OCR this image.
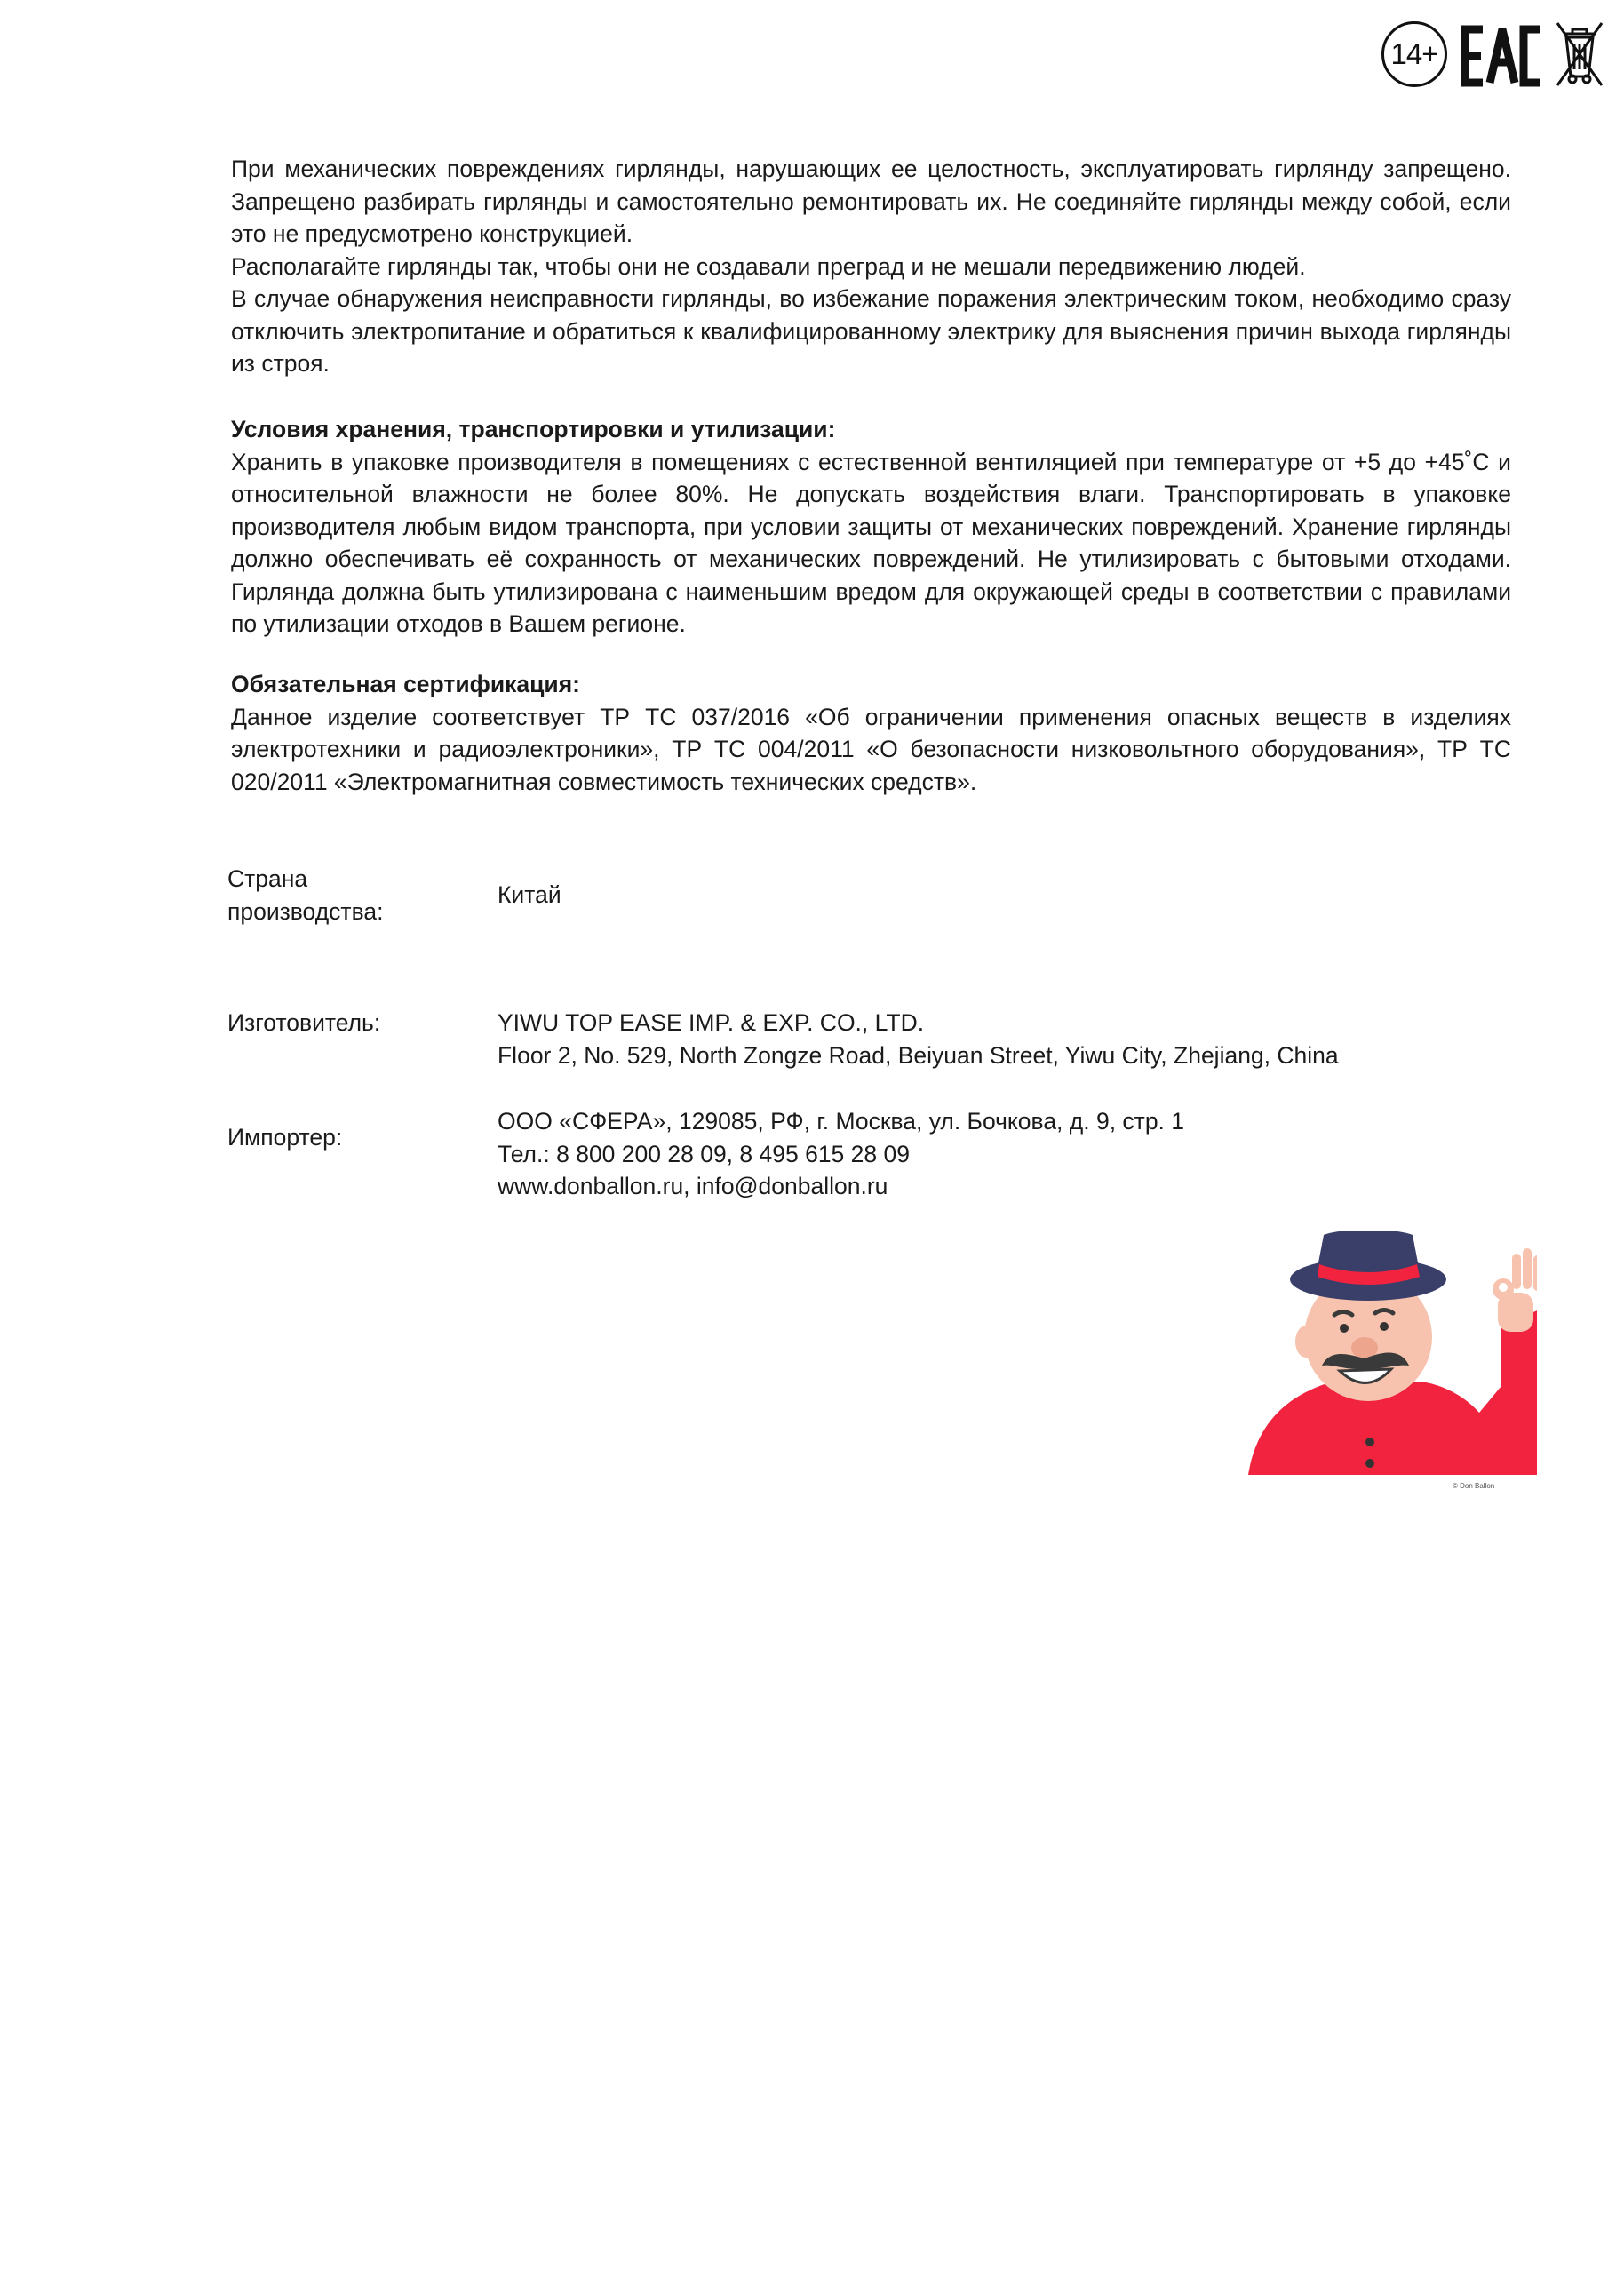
14+

При механических повреждениях гирлянды, нарушающих ее целостность, эксплуатировать гирлянду запрещено. Запрещено разбирать гирлянды и самостоятельно ремонтировать их. Не соединяйте гирлянды между собой, если это не предусмотрено конструкцией.

Располагайте гирлянды так, чтобы они не создавали преград и не мешали передвижению людей.

В случае обнаружения неисправности гирлянды, во избежание поражения электрическим током, необходимо сразу отключить электропитание и обратиться к квалифицированному электрику для выяснения причин выхода гирлянды из строя.

Условия хранения, транспортировки и утилизации:

Хранить в упаковке производителя в помещениях с естественной вентиляцией при температуре от +5 до +45˚С и относительной влажности не более 80%. Не допускать воздействия влаги. Транспортировать в упаковке производителя любым видом транспорта, при условии защиты от механических повреждений. Хранение гирлянды должно обеспечивать её сохранность от механических повреждений. Не утилизировать с бытовыми отходами. Гирлянда должна быть утилизирована с наименьшим вредом для окружающей среды в соответствии с правилами по утилизации отходов в Вашем регионе.

Обязательная сертификация:

Данное изделие соответствует ТР ТС 037/2016 «Об ограничении применения опасных веществ в изделиях электротехники и радиоэлектроники», ТР ТС 004/2011 «О безопасности низковольтного оборудования», ТР ТС 020/2011 «Электромагнитная совместимость технических средств».

Страна
производства:
Китай
Изготовитель:	YIWU TOP EASE IMP. & EXP. CO., LTD.
Floor 2, No. 529, North Zongze Road, Beiyuan Street, Yiwu City, Zhejiang, China
Импортер:
ООО «СФЕРА», 129085, РФ, г. Москва, ул. Бочкова, д. 9, стр. 1
Тел.: 8 800 200 28 09, 8 495 615 28 09
www.donballon.ru, info@donballon.ru
© Don Ballon
